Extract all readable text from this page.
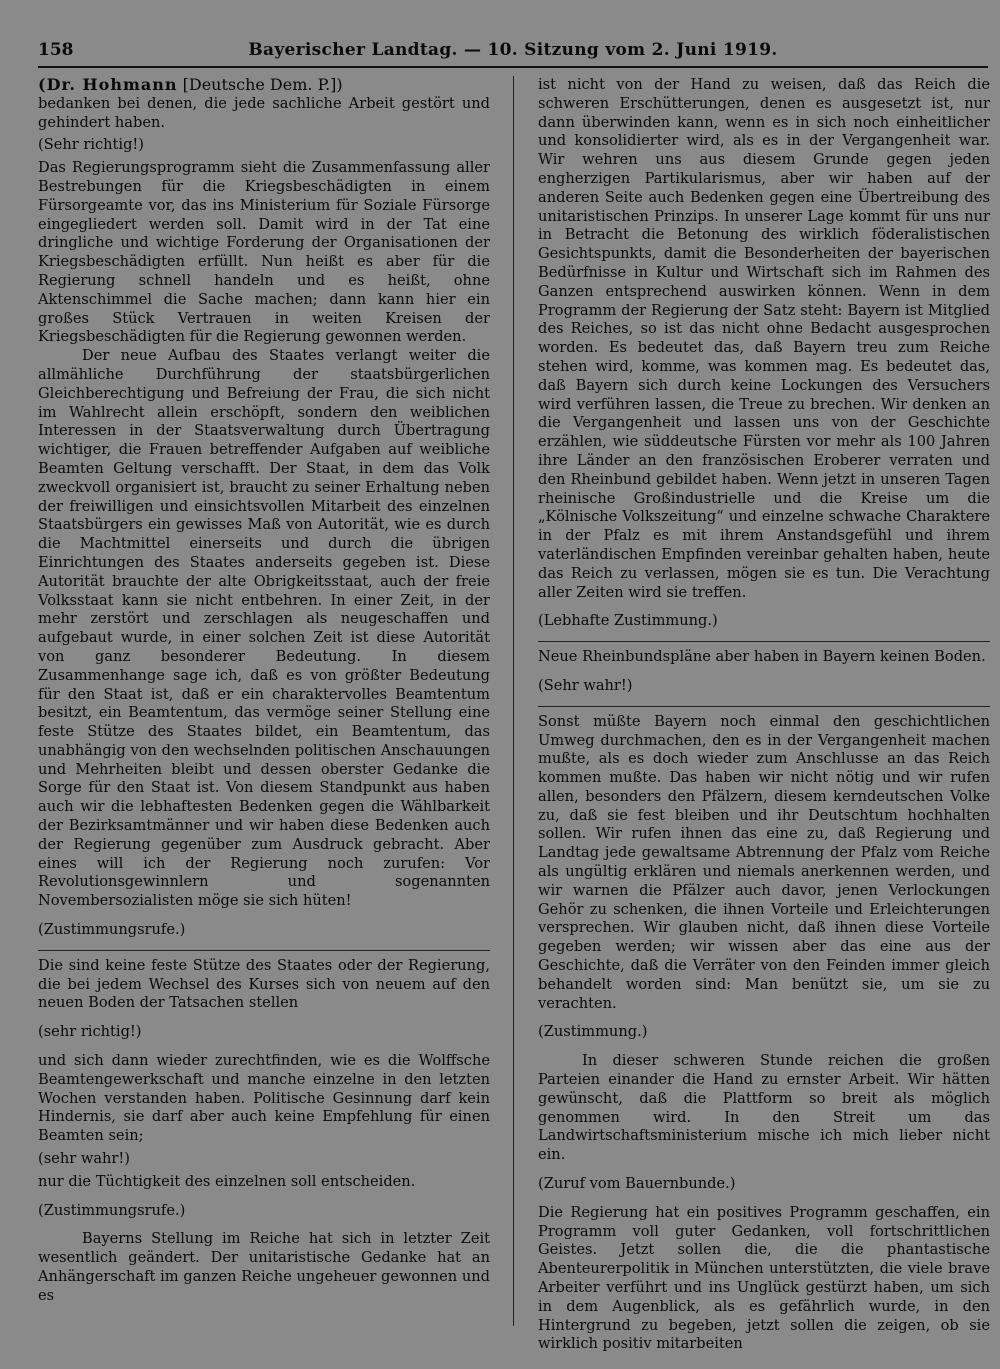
158	Bayerischer Landtag. — 10. Sitzung vom 2. Juni 1919.

(Dr. Hohmann [Deutsche Dem. P.])

bedanken bei denen, die jede sachliche Arbeit gestört und gehindert haben.

(Sehr richtig!)

Das Regierungsprogramm sieht die Zusammenfassung aller Bestrebungen für die Kriegsbeschädigten in einem Fürsorgeamte vor, das ins Ministerium für Soziale Fürsorge eingegliedert werden soll. Damit wird in der Tat eine dringliche und wichtige Forderung der Organisationen der Kriegsbeschädigten erfüllt. Nun heißt es aber für die Regierung schnell handeln und es heißt, ohne Aktenschimmel die Sache machen; dann kann hier ein großes Stück Vertrauen in weiten Kreisen der Kriegsbeschädigten für die Regierung gewonnen werden.

Der neue Aufbau des Staates verlangt weiter die allmähliche Durchführung der staatsbürgerlichen Gleichberechtigung und Befreiung der Frau, die sich nicht im Wahlrecht allein erschöpft, sondern den weiblichen Interessen in der Staatsverwaltung durch Übertragung wichtiger, die Frauen betreffender Aufgaben auf weibliche Beamten Geltung verschafft. Der Staat, in dem das Volk zweckvoll organisiert ist, braucht zu seiner Erhaltung neben der freiwilligen und einsichtsvollen Mitarbeit des einzelnen Staatsbürgers ein gewisses Maß von Autorität, wie es durch die Machtmittel einerseits und durch die übrigen Einrichtungen des Staates anderseits gegeben ist. Diese Autorität brauchte der alte Obrigkeitsstaat, auch der freie Volksstaat kann sie nicht entbehren. In einer Zeit, in der mehr zerstört und zerschlagen als neugeschaffen und aufgebaut wurde, in einer solchen Zeit ist diese Autorität von ganz besonderer Bedeutung. In diesem Zusammenhange sage ich, daß es von größter Bedeutung für den Staat ist, daß er ein charaktervolles Beamtentum besitzt, ein Beamtentum, das vermöge seiner Stellung eine feste Stütze des Staates bildet, ein Beamtentum, das unabhängig von den wechselnden politischen Anschauungen und Mehrheiten bleibt und dessen oberster Gedanke die Sorge für den Staat ist. Von diesem Standpunkt aus haben auch wir die lebhaftesten Bedenken gegen die Wählbarkeit der Bezirksamtmänner und wir haben diese Bedenken auch der Regierung gegenüber zum Ausdruck gebracht. Aber eines will ich der Regierung noch zurufen: Vor Revolutionsgewinnlern und sogenannten Novembersozialisten möge sie sich hüten!

(Zustimmungsrufe.)

Die sind keine feste Stütze des Staates oder der Regierung, die bei jedem Wechsel des Kurses sich von neuem auf den neuen Boden der Tatsachen stellen

(sehr richtig!)

und sich dann wieder zurechtfinden, wie es die Wolffsche Beamtengewerkschaft und manche einzelne in den letzten Wochen verstanden haben. Politische Gesinnung darf kein Hindernis, sie darf aber auch keine Empfehlung für einen Beamten sein;

(sehr wahr!)

nur die Tüchtigkeit des einzelnen soll entscheiden.

(Zustimmungsrufe.)

Bayerns Stellung im Reiche hat sich in letzter Zeit wesentlich geändert. Der unitaristische Gedanke hat an Anhängerschaft im ganzen Reiche ungeheuer gewonnen und es

ist nicht von der Hand zu weisen, daß das Reich die schweren Erschütterungen, denen es ausgesetzt ist, nur dann überwinden kann, wenn es in sich noch einheitlicher und konsolidierter wird, als es in der Vergangenheit war. Wir wehren uns aus diesem Grunde gegen jeden engherzigen Partikularismus, aber wir haben auf der anderen Seite auch Bedenken gegen eine Übertreibung des unitaristischen Prinzips. In unserer Lage kommt für uns nur in Betracht die Betonung des wirklich föderalistischen Gesichtspunkts, damit die Besonderheiten der bayerischen Bedürfnisse in Kultur und Wirtschaft sich im Rahmen des Ganzen entsprechend auswirken können. Wenn in dem Programm der Regierung der Satz steht: Bayern ist Mitglied des Reiches, so ist das nicht ohne Bedacht ausgesprochen worden. Es bedeutet das, daß Bayern treu zum Reiche stehen wird, komme, was kommen mag. Es bedeutet das, daß Bayern sich durch keine Lockungen des Versuchers wird verführen lassen, die Treue zu brechen. Wir denken an die Vergangenheit und lassen uns von der Geschichte erzählen, wie süddeutsche Fürsten vor mehr als 100 Jahren ihre Länder an den französischen Eroberer verraten und den Rheinbund gebildet haben. Wenn jetzt in unseren Tagen rheinische Großindustrielle und die Kreise um die „Kölnische Volkszeitung“ und einzelne schwache Charaktere in der Pfalz es mit ihrem Anstandsgefühl und ihrem vaterländischen Empfinden vereinbar gehalten haben, heute das Reich zu verlassen, mögen sie es tun. Die Verachtung aller Zeiten wird sie treffen.

(Lebhafte Zustimmung.)

Neue Rheinbundspläne aber haben in Bayern keinen Boden.

(Sehr wahr!)

Sonst müßte Bayern noch einmal den geschichtlichen Umweg durchmachen, den es in der Vergangenheit machen mußte, als es doch wieder zum Anschlusse an das Reich kommen mußte. Das haben wir nicht nötig und wir rufen allen, besonders den Pfälzern, diesem kerndeutschen Volke zu, daß sie fest bleiben und ihr Deutschtum hochhalten sollen. Wir rufen ihnen das eine zu, daß Regierung und Landtag jede gewaltsame Abtrennung der Pfalz vom Reiche als ungültig erklären und niemals anerkennen werden, und wir warnen die Pfälzer auch davor, jenen Verlockungen Gehör zu schenken, die ihnen Vorteile und Erleichterungen versprechen. Wir glauben nicht, daß ihnen diese Vorteile gegeben werden; wir wissen aber das eine aus der Geschichte, daß die Verräter von den Feinden immer gleich behandelt worden sind: Man benützt sie, um sie zu verachten.

(Zustimmung.)

In dieser schweren Stunde reichen die großen Parteien einander die Hand zu ernster Arbeit. Wir hätten gewünscht, daß die Plattform so breit als möglich genommen wird. In den Streit um das Landwirtschaftsministerium mische ich mich lieber nicht ein.

(Zuruf vom Bauernbunde.)

Die Regierung hat ein positives Programm geschaffen, ein Programm voll guter Gedanken, voll fortschrittlichen Geistes. Jetzt sollen die, die die phantastische Abenteurerpolitik in München unterstützten, die viele brave Arbeiter verführt und ins Unglück gestürzt haben, um sich in dem Augenblick, als es gefährlich wurde, in den Hintergrund zu begeben, jetzt sollen die zeigen, ob sie wirklich positiv mitarbeiten
